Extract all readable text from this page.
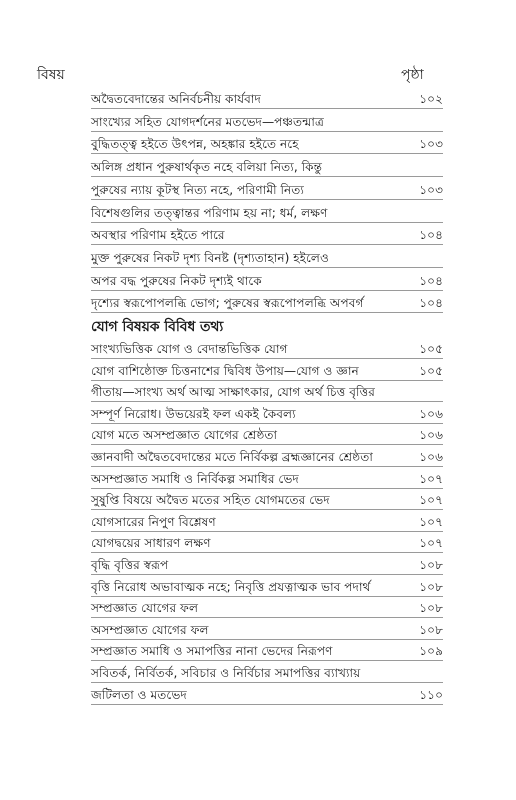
বিষয়	পৃষ্ঠা
অদ্বৈতবেদান্তের অনির্বচনীয় কার্যবাদ	১০২
সাংখ্যের সহিত যোগদর্শনের মতভেদ—পঞ্চতন্মাত্র
বুদ্ধিতত্ত্ব হইতে উৎপন্ন, অহঙ্কার হইতে নহে	১০৩
অলিঙ্গ প্রধান পুরুষার্থকৃত নহে বলিয়া নিত্য, কিন্তু
পুরুষের ন্যায় কূটস্থ নিত্য নহে, পরিণামী নিত্য	১০৩
বিশেষগুলির তত্ত্বান্তর পরিণাম হয় না; ধর্ম, লক্ষণ
অবস্থার পরিণাম হইতে পারে	১০৪
মুক্ত পুরুষের নিকট দৃশ্য বিনষ্ট (দৃশ্যতাহান) হইলেও
অপর বদ্ধ পুরুষের নিকট দৃশ্যই থাকে	১০৪
দৃশ্যের স্বরূপোপলব্ধি ভোগ; পুরুষের স্বরূপোপলব্ধি অপবর্গ	১০৪
যোগ বিষয়ক বিবিধ তথ্য
সাংখ্যভিত্তিক যোগ ও বেদান্তভিত্তিক যোগ	১০৫
যোগ বাশিষ্ঠোক্ত চিত্তনাশের দ্বিবিধ উপায়—যোগ ও জ্ঞান	১০৫
গীতায়—সাংখ্য অর্থ আত্ম সাক্ষাৎকার, যোগ অর্থ চিত্ত বৃত্তির
সম্পূর্ণ নিরোধ। উভয়েরই ফল একই কৈবল্য	১০৬
যোগ মতে অসম্প্রজ্ঞাত যোগের শ্রেষ্ঠতা	১০৬
জ্ঞানবাদী অদ্বৈতবেদান্তের মতে নির্বিকল্প ব্রহ্মজ্ঞানের শ্রেষ্ঠতা	১০৬
অসম্প্রজ্ঞাত সমাধি ও নির্বিকল্প সমাধির ভেদ	১০৭
সুষুপ্তি বিষয়ে অদ্বৈত মতের সহিত যোগমতের ভেদ	১০৭
যোগসারের নিপুণ বিশ্লেষণ	১০৭
যোগদ্বয়ের সাধারণ লক্ষণ	১০৭
বৃদ্ধি বৃত্তির স্বরূপ	১০৮
বৃত্তি নিরোধ অভাবাত্মক নহে; নিবৃত্তি প্রযত্নাত্মক ভাব পদার্থ	১০৮
সম্প্রজ্ঞাত যোগের ফল	১০৮
অসম্প্রজ্ঞাত যোগের ফল	১০৮
সম্প্রজ্ঞাত সমাধি ও সমাপত্তির নানা ভেদের নিরূপণ	১০৯
সবিতর্ক, নির্বিতর্ক, সবিচার ও নির্বিচার সমাপত্তির ব্যাখ্যায়
জটিলতা ও মতভেদ	১১০
